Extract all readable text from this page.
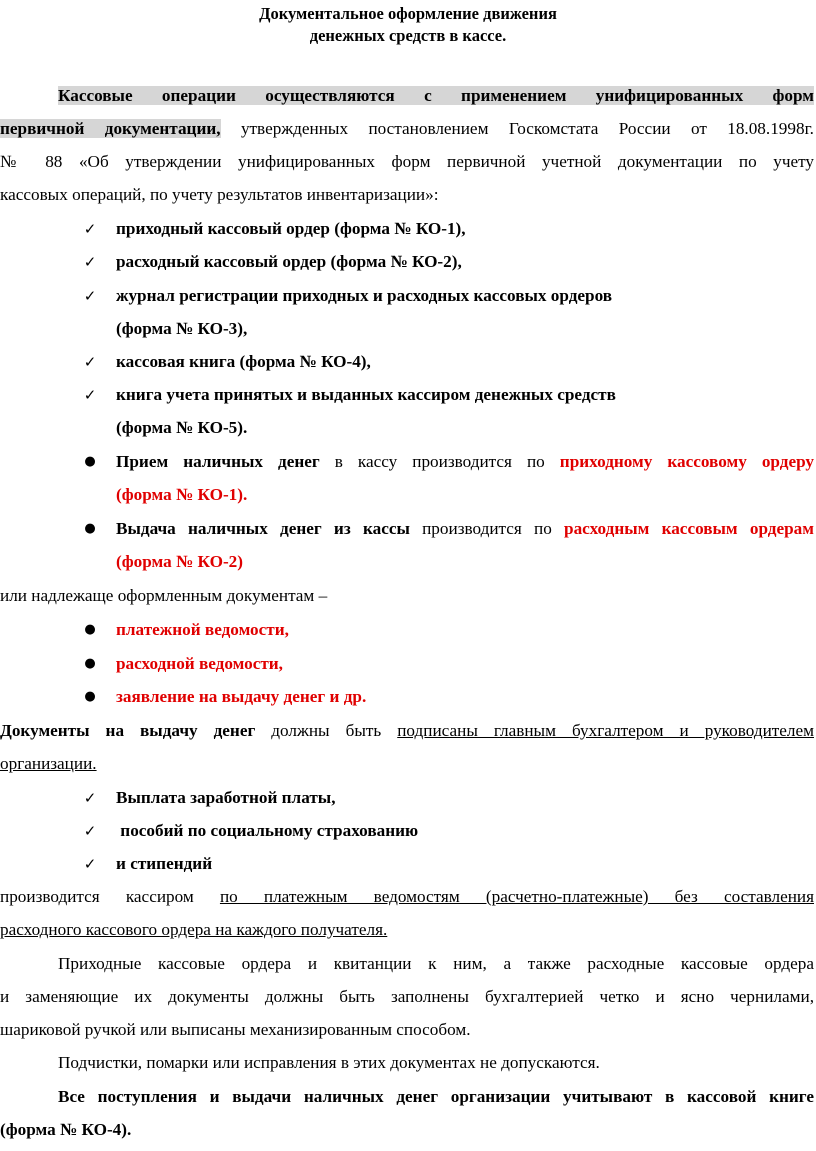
Документальное оформление движения
денежных средств в кассе.
Кассовые операции осуществляются с применением унифицированных форм
первичной документации, утвержденных постановлением Госкомстата России от 18.08.1998г.
№ 88 «Об утверждении унифицированных форм первичной учетной документации по учету
кассовых операций, по учету результатов инвентаризации»:
✓ приходный кассовый ордер (форма № КО-1),
✓ расходный кассовый ордер (форма № КО-2),
✓ журнал регистрации приходных и расходных кассовых ордеров
(форма № КО-3),
✓ кассовая книга (форма № КО-4),
✓ книга учета принятых и выданных кассиром денежных средств
(форма № КО-5).
● Прием наличных денег в кассу производится по приходному кассовому ордеру
(форма № КО-1).
● Выдача наличных денег из кассы производится по расходным кассовым ордерам
(форма № КО-2)
или надлежаще оформленным документам –
● платежной ведомости,
● расходной ведомости,
● заявление на выдачу денег и др.
Документы на выдачу денег должны быть подписаны главным бухгалтером и руководителем
организации.
✓ Выплата заработной платы,
✓ пособий по социальному страхованию
✓ и стипендий
производится кассиром по платежным ведомостям (расчетно-платежные) без составления
расходного кассового ордера на каждого получателя.
Приходные кассовые ордера и квитанции к ним, а также расходные кассовые ордера
и заменяющие их документы должны быть заполнены бухгалтерией четко и ясно чернилами,
шариковой ручкой или выписаны механизированным способом.
Подчистки, помарки или исправления в этих документах не допускаются.
Все поступления и выдачи наличных денег организации учитывают в кассовой книге
(форма № КО-4).
